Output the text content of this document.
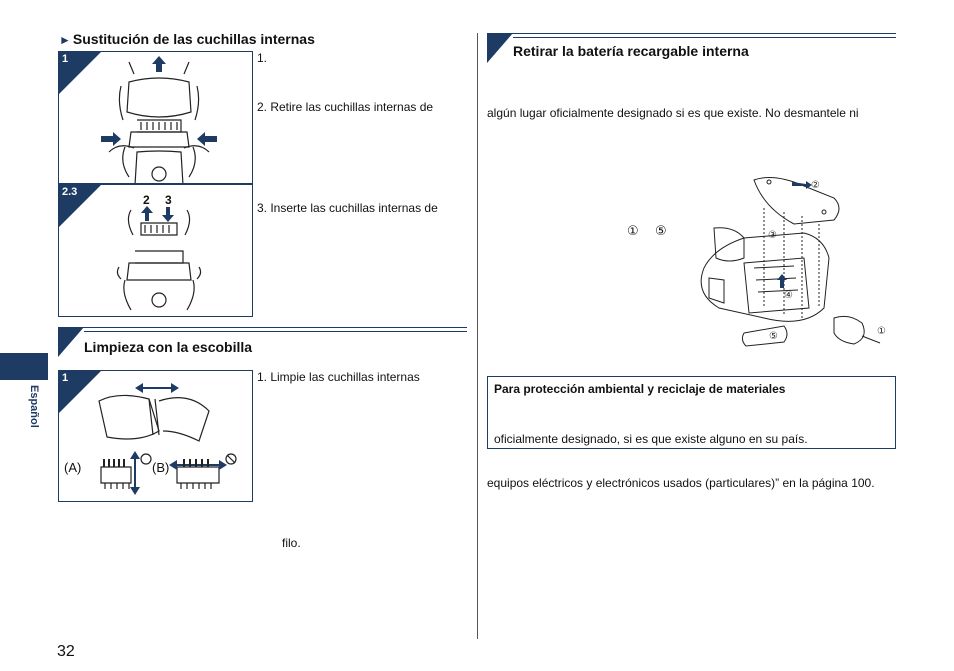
► Sustitución de las cuchillas internas
1
2.3
2 3
1.
2. Retire las cuchillas internas de
3. Inserte las cuchillas internas de
Limpieza con la escobilla
1
(A)	(B)
1. Limpie las cuchillas internas
filo.
Español
32
Retirar la batería recargable interna
algún lugar oficialmente designado si es que existe. No desmantele ni
① ⑤
②
③
④
①
⑤
Para protección ambiental y reciclaje de materiales
oficialmente designado, si es que existe alguno en su país.
equipos eléctricos y electrónicos usados (particulares)” en la página 100.
